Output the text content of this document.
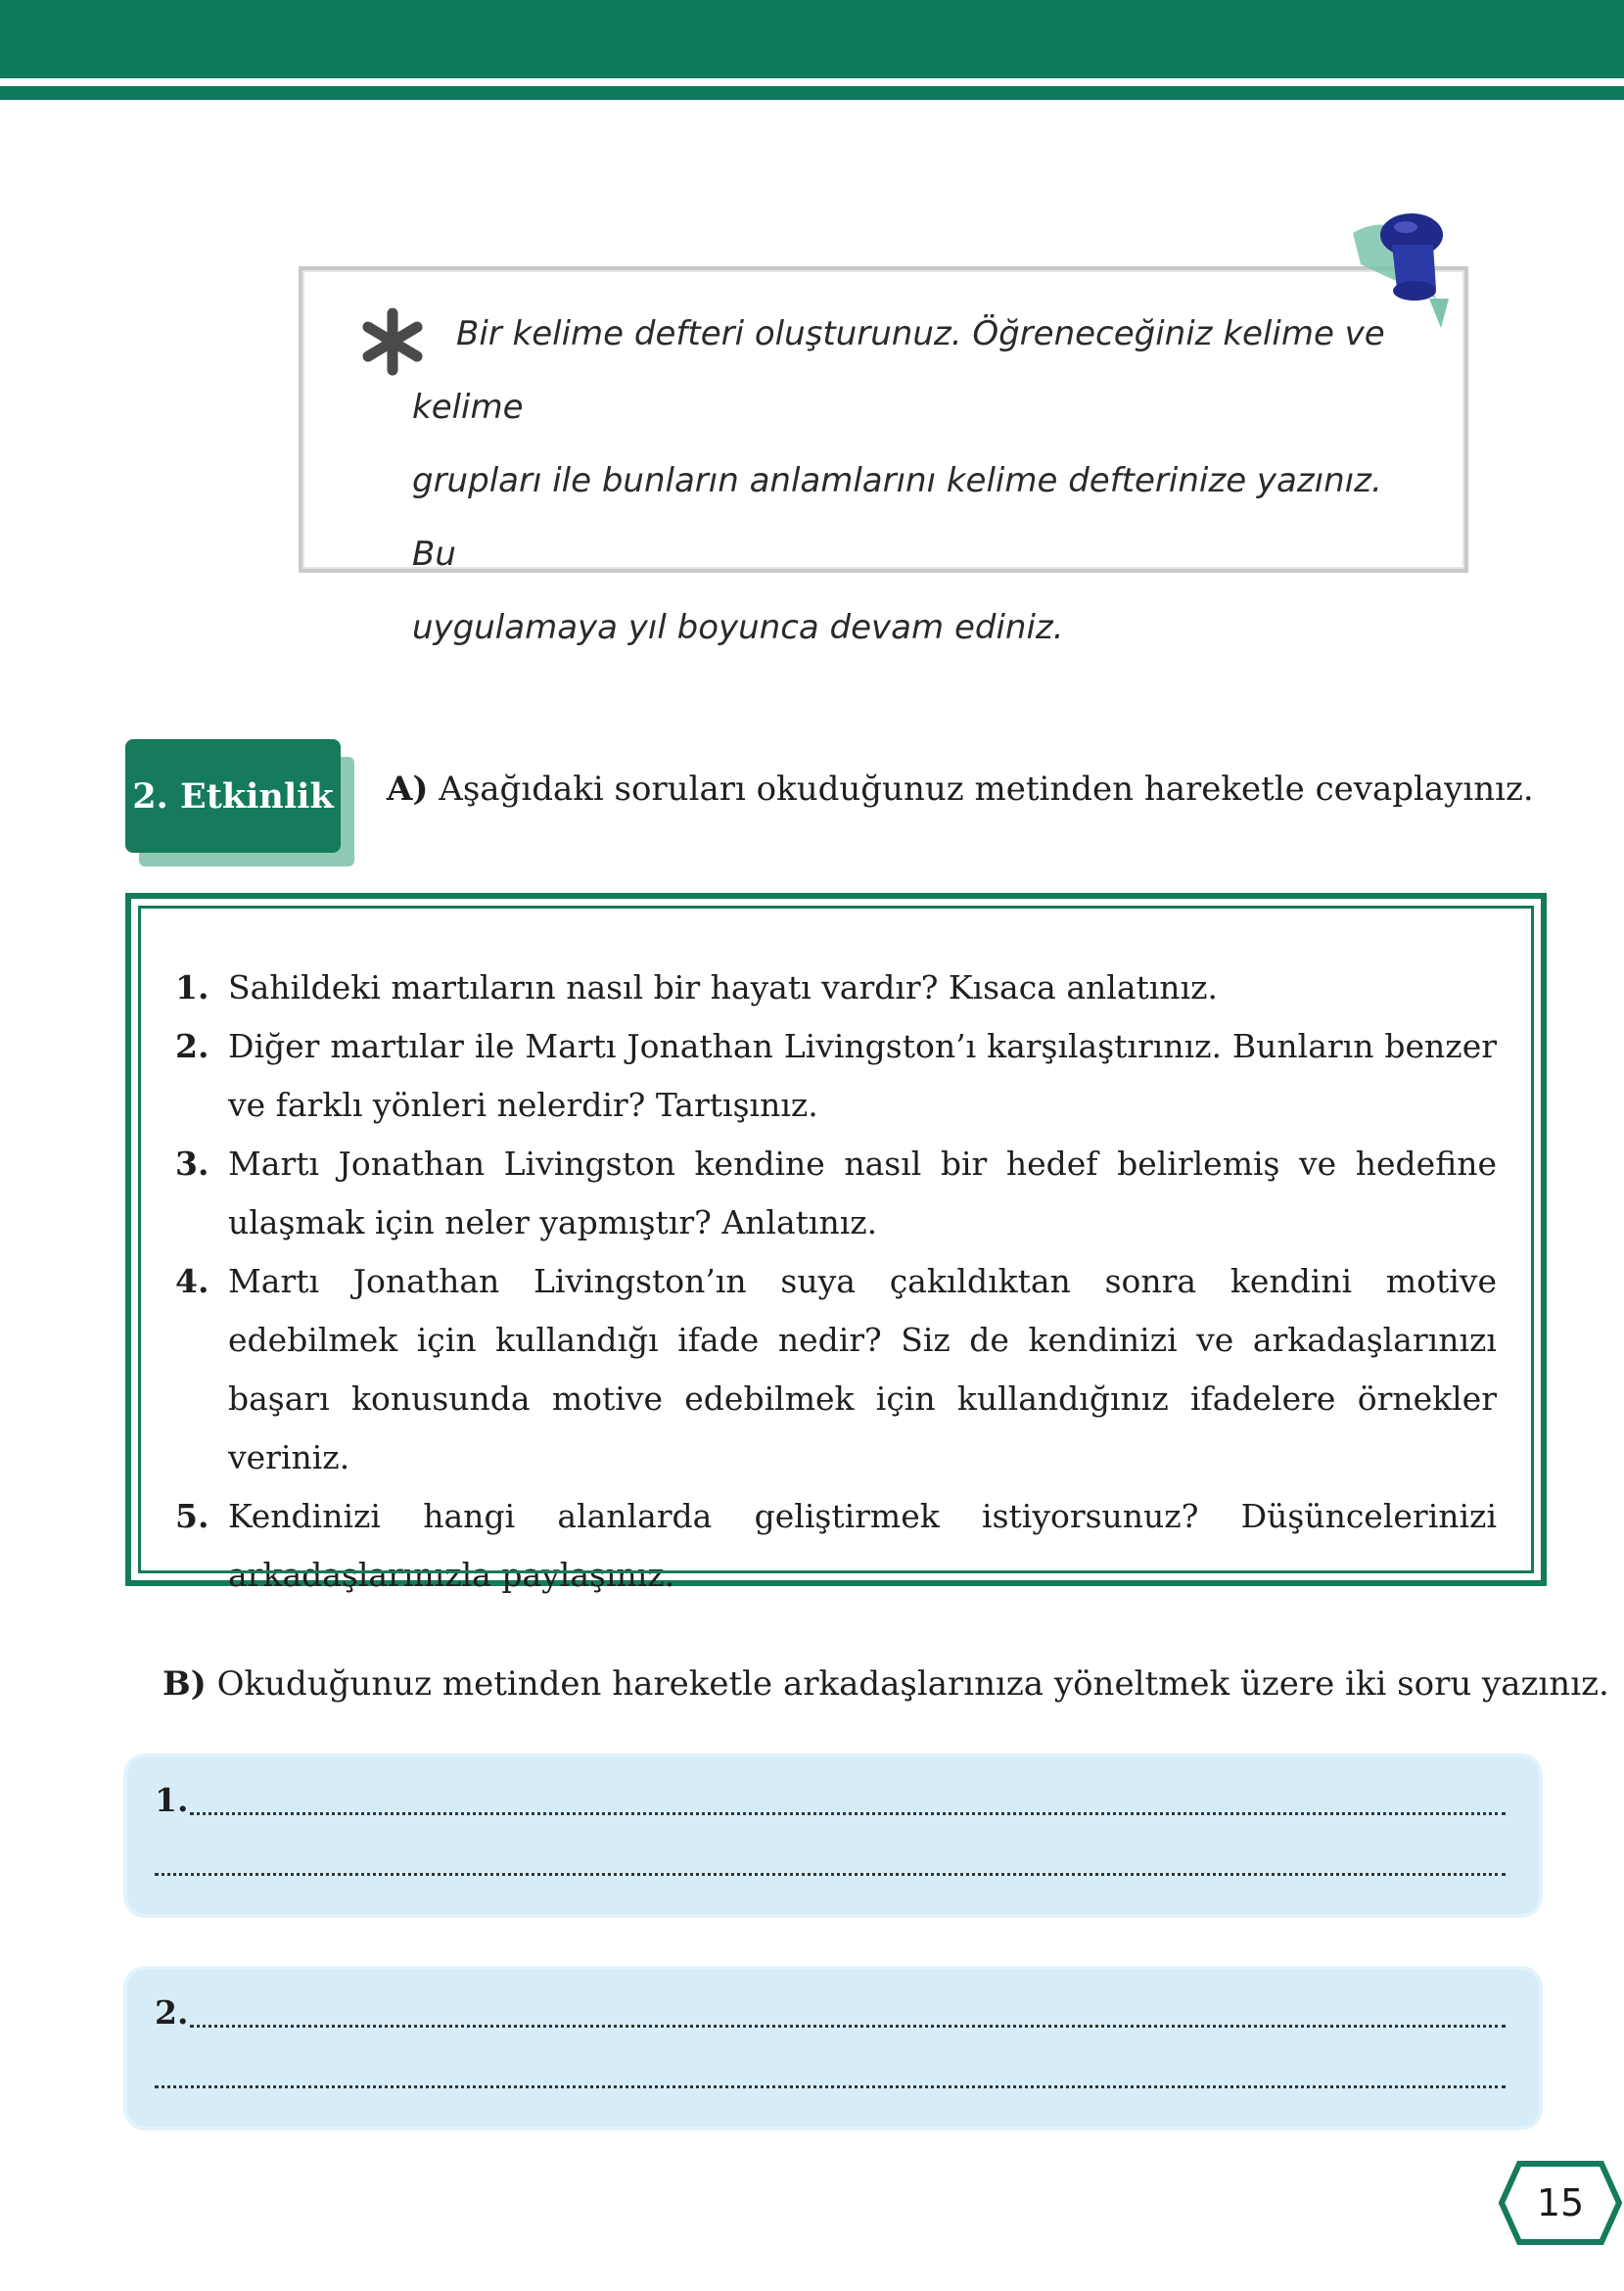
Bir kelime defteri oluşturunuz. Öğreneceğiniz kelime ve kelime
grupları ile bunların anlamlarını kelime defterinize yazınız. Bu
uygulamaya yıl boyunca devam ediniz.

2. Etkinlik A) Aşağıdaki soruları okuduğunuz metinden hareketle cevaplayınız.
1. Sahildeki martıların nasıl bir hayatı vardır? Kısaca anlatınız.
2. Diğer martılar ile Martı Jonathan Livingston’ı karşılaştırınız. Bunların benzer ve farklı yönleri nelerdir? Tartışınız.
3. Martı Jonathan Livingston kendine nasıl bir hedef belirlemiş ve hedefine ulaşmak için neler yapmıştır? Anlatınız.
4. Martı Jonathan Livingston’ın suya çakıldıktan sonra kendini motive edebilmek için kullandığı ifade nedir? Siz de kendinizi ve arkadaşlarınızı başarı konusunda motive edebilmek için kullandığınız ifadelere örnekler veriniz.
5. Kendinizi hangi alanlarda geliştirmek istiyorsunuz? Düşüncelerinizi arkadaşlarınızla paylaşınız.
B) Okuduğunuz metinden hareketle arkadaşlarınıza yöneltmek üzere iki soru yazınız.
1.
2.
15
